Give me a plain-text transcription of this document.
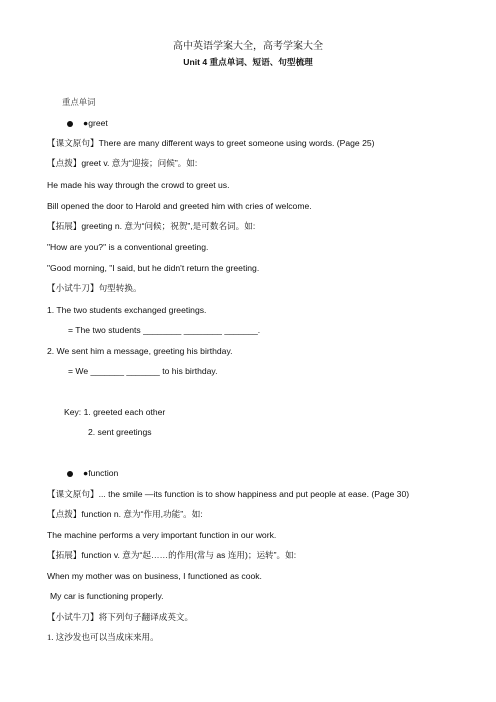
高中英语学案大全，高考学案大全
Unit 4 重点单词、短语、句型梳理
重点单词
●greet
【课文原句】There are many different ways to greet someone using words. (Page 25)
【点拨】greet v. 意为“迎接；问候”。如:
He made his way through the crowd to greet us.
Bill opened the door to Harold and greeted him with cries of welcome.
【拓展】greeting n. 意为“问候；祝贺”,是可数名词。如:
"How are you?" is a conventional greeting.
"Good morning, "I said, but he didn't return the greeting.
【小试牛刀】句型转换。
1. The two students exchanged greetings.
= The two students ________ ________ _______.
2. We sent him a message, greeting his birthday.
= We _______ _______ to his birthday.
Key: 1. greeted each other
2. sent greetings
●function
【课文原句】... the smile —its function is to show happiness and put people at ease. (Page 30)
【点拨】function n. 意为“作用,功能”。如:
The machine performs a very important function in our work.
【拓展】function v. 意为“起……的作用(常与 as 连用)；运转”。如:
When my mother was on business, I functioned as cook.
My car is functioning properly.
【小试牛刀】将下列句子翻译成英文。
1. 这沙发也可以当成床来用。
